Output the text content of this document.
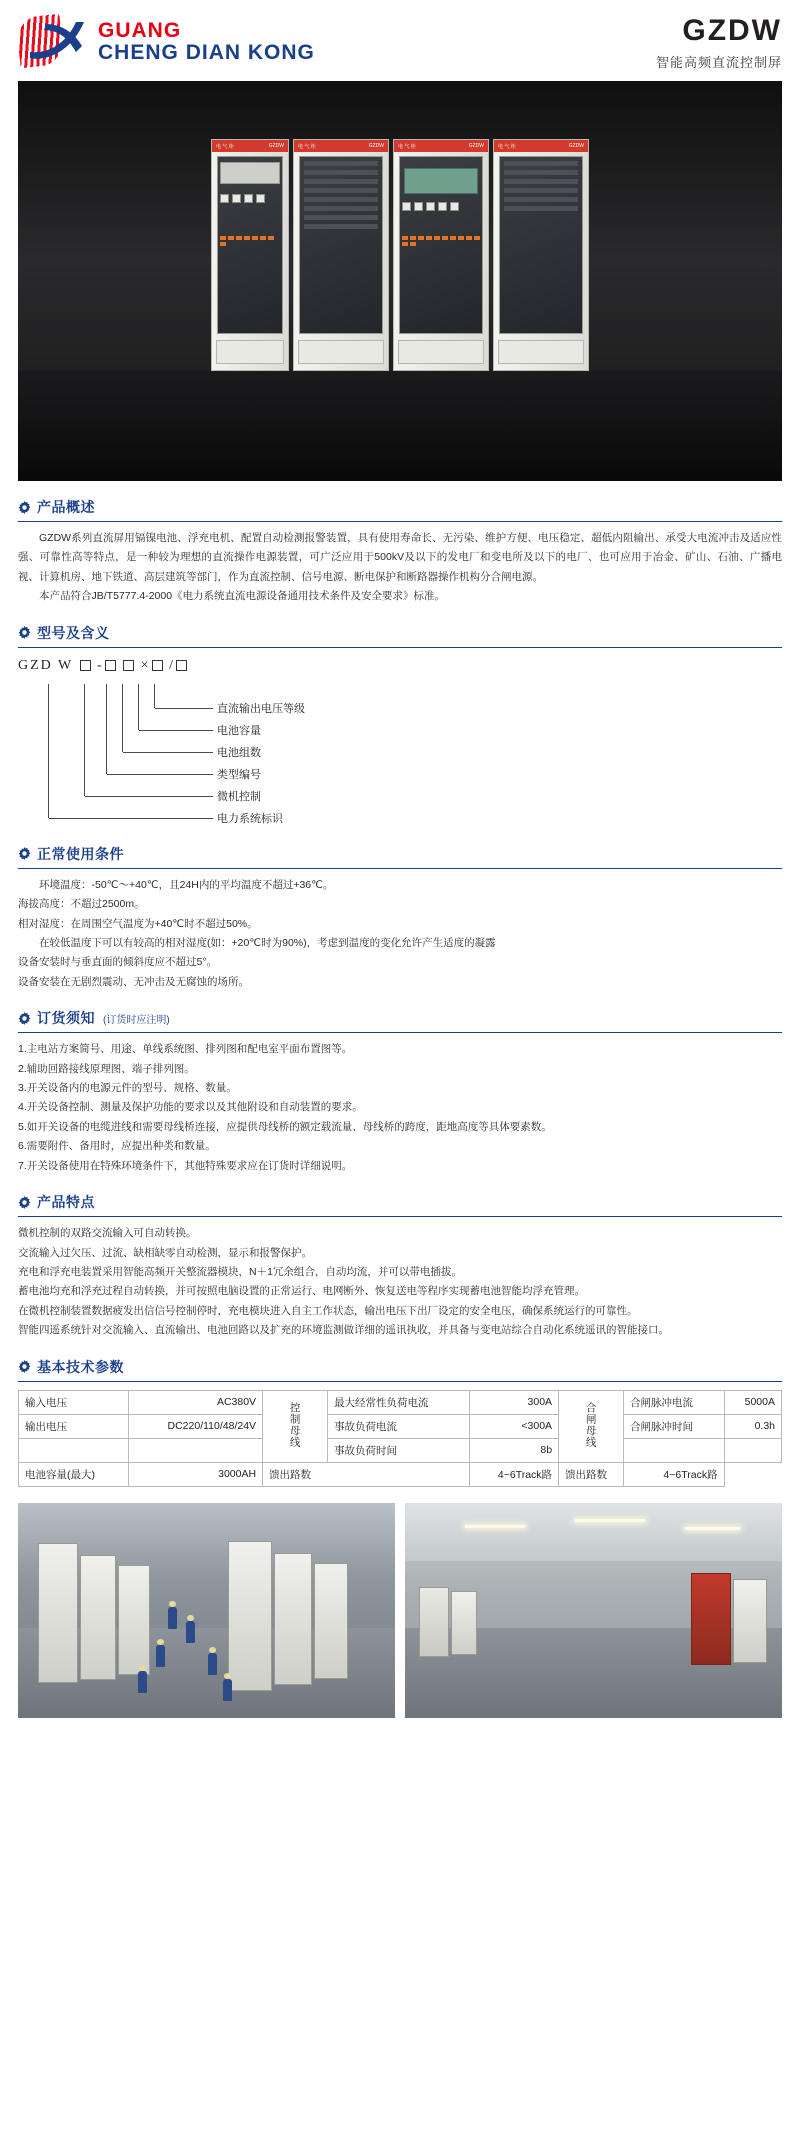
GUANG
CHENG DIAN KONG
GZDW
智能高频直流控制屏
电 气 柜	GZDW	电 气 柜	GZDW	电 气 柜	GZDW	电 气 柜	GZDW
产品概述

GZDW系列直流屏用镉镍电池、浮充电机、配置自动检测报警装置，具有使用寿命长、无污染、维护方便、电压稳定、超低内阻输出、承受大电流冲击及适应性强、可靠性高等特点，是一种较为理想的直流操作电源装置，可广泛应用于500kV及以下的发电厂和变电所及以下的电厂、也可应用于冶金、矿山、石油、广播电视、计算机房、地下铁道、高层建筑等部门，作为直流控制、信号电源、断电保护和断路器操作机构分合闸电源。

本产品符合JB/T5777.4-2000《电力系统直流电源设备通用技术条件及安全要求》标准。

型号及含义
GZD W -	× /
直流输出电压等级
电池容量
电池组数
类型编号
微机控制
电力系统标识
正常使用条件

环境温度：-50℃～+40℃，且24H内的平均温度不超过+36℃。

海拔高度：不超过2500m。

相对湿度：在周围空气温度为+40℃时不超过50%。

在较低温度下可以有较高的相对湿度(如：+20℃时为90%)，考虑到温度的变化允许产生适度的凝露

设备安装时与垂直面的倾斜度应不超过5°。

设备安装在无剧烈震动、无冲击及无腐蚀的场所。

订货须知 (订货时应注明)

1.主电站方案简号、用途、单线系统图、排列图和配电室平面布置图等。

2.辅助回路接线原理图、端子排列图。

3.开关设备内的电源元件的型号、规格、数量。

4.开关设备控制、测量及保护功能的要求以及其他附设和自动装置的要求。

5.如开关设备的电缆进线和需要母线桥连接，应提供母线桥的额定载流量、母线桥的跨度，距地高度等具体要素数。

6.需要附件、备用时，应提出种类和数量。

7.开关设备使用在特殊环境条件下，其他特殊要求应在订货时详细说明。

产品特点

微机控制的双路交流输入可自动转换。

交流输入过欠压、过流、缺相缺零自动检测，显示和报警保护。

充电和浮充电装置采用智能高频开关整流器模块，N＋1冗余组合，自动均流，并可以带电插拔。

蓄电池均充和浮充过程自动转换，并可按照电脑设置的正常运行、电网断外、恢复送电等程序实现蓄电池智能均浮充管理。

在微机控制装置数据疲发出信信号控制停时，充电模块进入自主工作状态，输出电压下出厂设定的安全电压，确保系统运行的可靠性。

智能四遥系统针对交流输入、直流输出、电池回路以及扩充的环境监测做详细的遥讯执收，并具备与变电站综合自动化系统遥讯的智能接口。

基本技术参数
输入电压	AC380V	控制母线	最大经常性负荷电流	300A	合闸母线	合闸脉冲电流	5000A
输出电压	DC220/110/48/24V		事故负荷电流	<300A		合闸脉冲时间	0.3h
			事故负荷时间	8b			
电池容量(最大)	3000AH	馈出路数		4~6Track路	馈出路数	4~6Track路	
